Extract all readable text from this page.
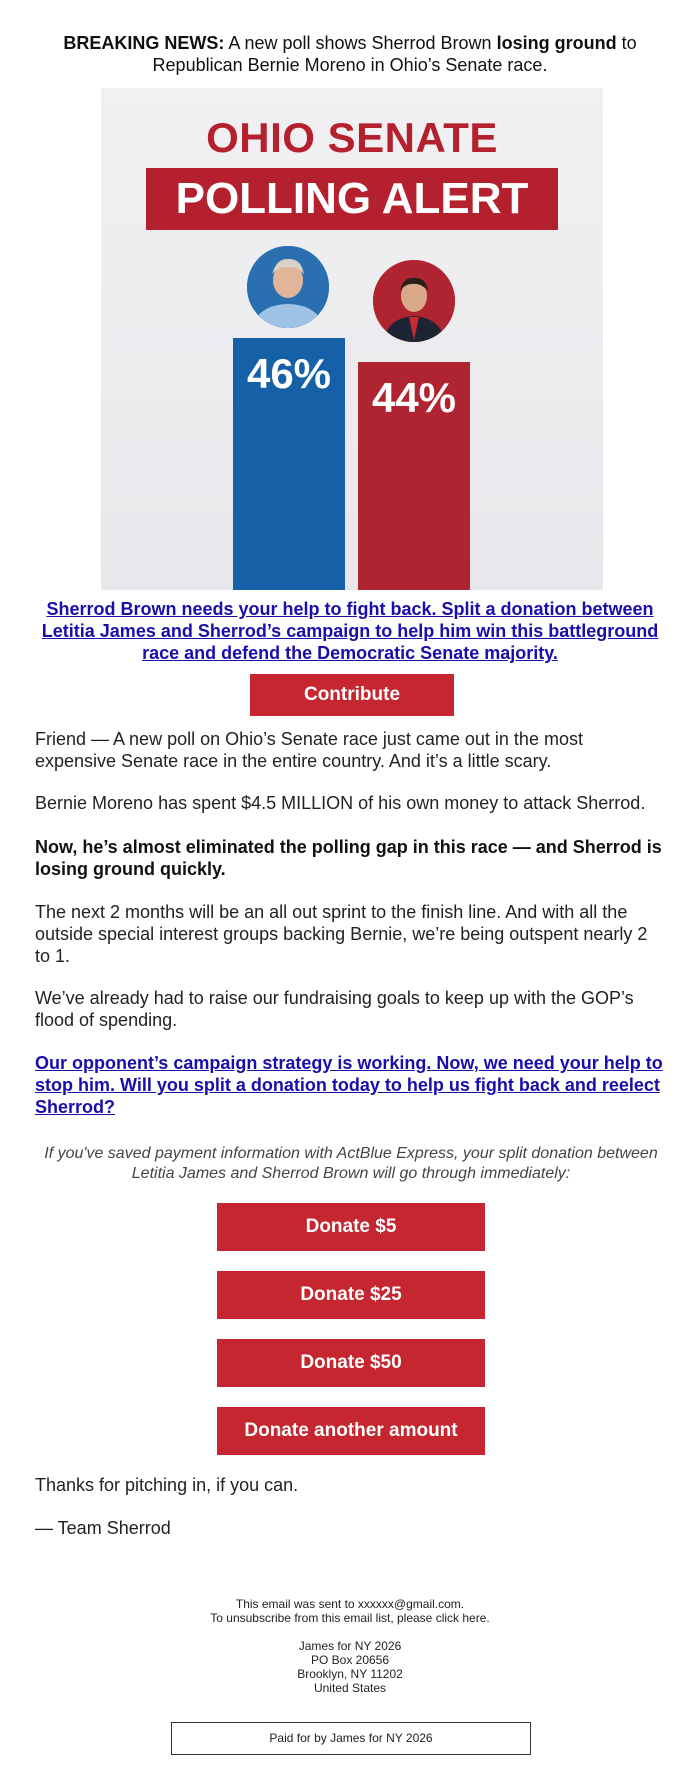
BREAKING NEWS: A new poll shows Sherrod Brown losing ground to Republican Bernie Moreno in Ohio’s Senate race.

OHIO SENATE
POLLING ALERT
46%
44%
Sherrod Brown needs your help to fight back. Split a donation between Letitia James and Sherrod’s campaign to help him win this battleground race and defend the Democratic Senate majority.
Contribute

Friend — A new poll on Ohio’s Senate race just came out in the most expensive Senate race in the entire country. And it’s a little scary.

Bernie Moreno has spent $4.5 MILLION of his own money to attack Sherrod.

Now, he’s almost eliminated the polling gap in this race — and Sherrod is losing ground quickly.

The next 2 months will be an all out sprint to the finish line. And with all the outside special interest groups backing Bernie, we’re being outspent nearly 2 to 1.

We’ve already had to raise our fundraising goals to keep up with the GOP’s flood of spending.

Our opponent’s campaign strategy is working. Now, we need your help to stop him. Will you split a donation today to help us fight back and reelect Sherrod?

If you've saved payment information with ActBlue Express, your split donation between Letitia James and Sherrod Brown will go through immediately:

Donate $5
Donate $25
Donate $50
Donate another amount

Thanks for pitching in, if you can.

— Team Sherrod

This email was sent to xxxxxx@gmail.com.

To unsubscribe from this email list, please click here.

James for NY 2026

PO Box 20656

Brooklyn, NY 11202

United States

Paid for by James for NY 2026
